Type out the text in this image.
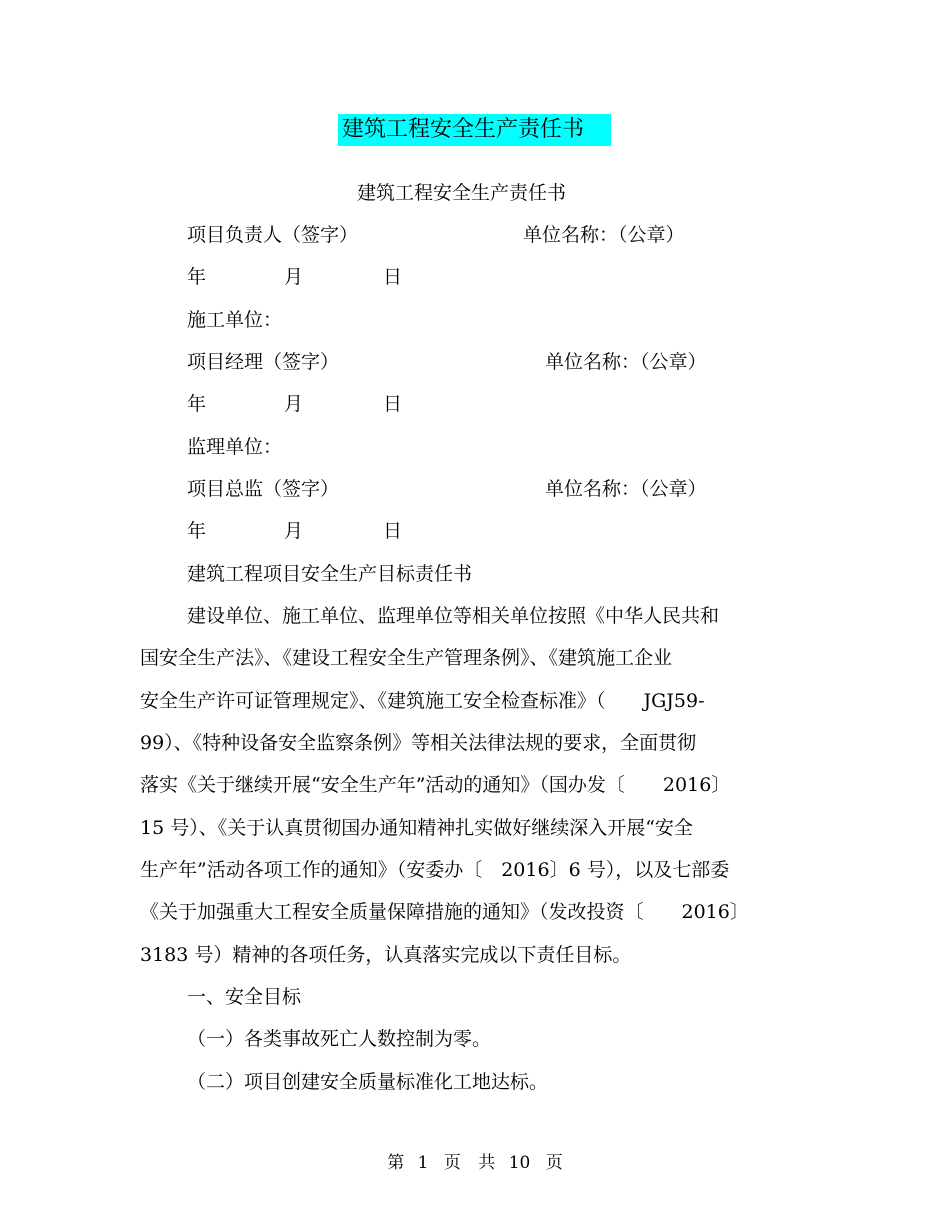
建筑工程安全生产责任书
建筑工程安全生产责任书
项目负责人（签字）	单位名称：（公章）
年	月	日
施工单位：
项目经理（签字）	单位名称：（公章）
年	月	日
监理单位：
项目总监（签字）	单位名称：（公章）
年	月	日
建筑工程项目安全生产目标责任书
建设单位、施工单位、监理单位等相关单位按照《中华人民共和
国安全生产法》、《建设工程安全生产管理条例》、《建筑施工企业
安全生产许可证管理规定》、《建筑施工安全检查标准》（　　JGJ59-
99）、《特种设备安全监察条例》等相关法律法规的要求，全面贯彻
落实《关于继续开展“安全生产年”活动的通知》（国办发〔　　2016〕
15 号）、《关于认真贯彻国办通知精神扎实做好继续深入开展“安全
生产年”活动各项工作的通知》（安委办〔　2016〕6 号），以及七部委
《关于加强重大工程安全质量保障措施的通知》（发改投资〔　　2016〕
3183 号）精神的各项任务，认真落实完成以下责任目标。
一、安全目标
（一）各类事故死亡人数控制为零。
（二）项目创建安全质量标准化工地达标。
第 1 页 共 10 页
